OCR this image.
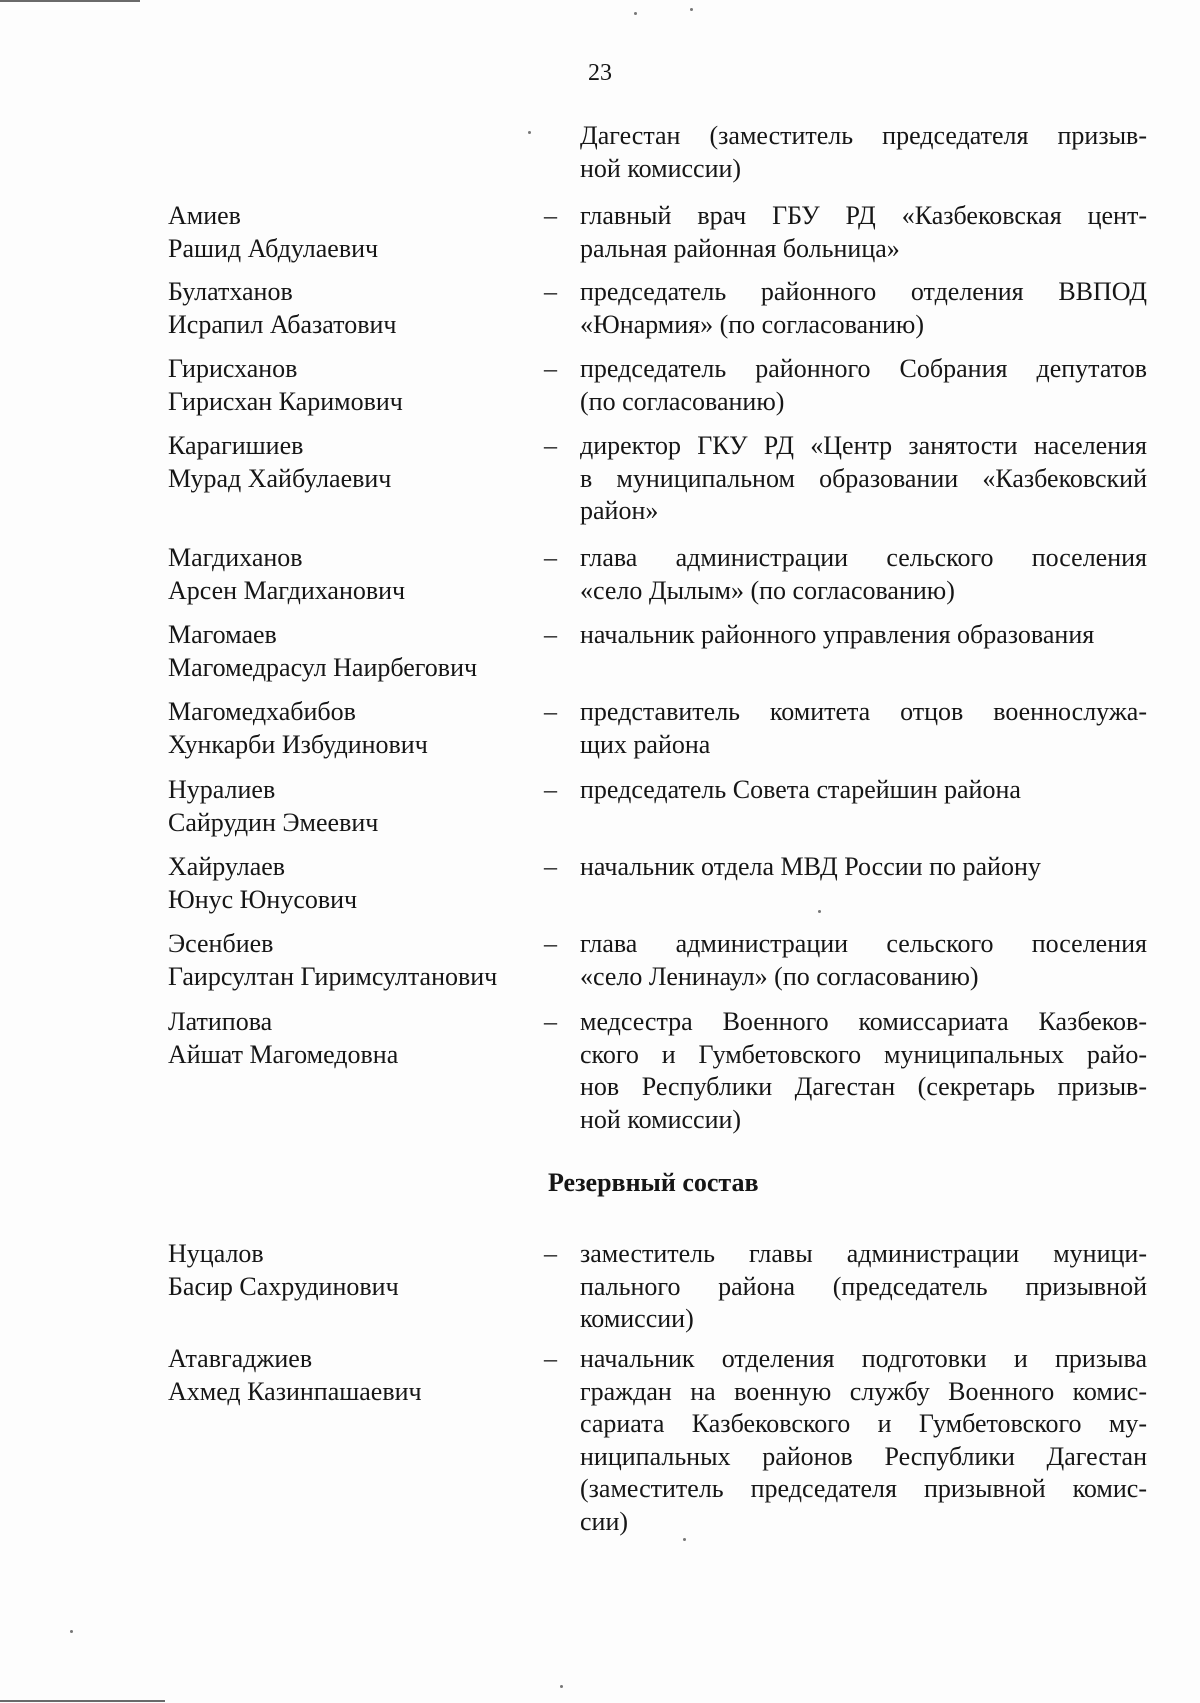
23
Дагестан (заместитель председателя призыв-
ной комиссии)
Амиев
Рашид Абдулаевич
– главный врач ГБУ РД «Казбековская цент-
ральная районная больница»
Булатханов
Исрапил Абазатович
– председатель районного отделения ВВПОД
«Юнармия» (по согласованию)
Гирисханов
Гирисхан Каримович
– председатель районного Собрания депутатов
(по согласованию)
Карагишиев
Мурад Хайбулаевич
– директор ГКУ РД «Центр занятости населения
в муниципальном образовании «Казбековский
район»
Магдиханов
Арсен Магдиханович
– глава администрации сельского поселения
«село Дылым» (по согласованию)
Магомаев
Магомедрасул Наирбегович
– начальник районного управления образования
Магомедхабибов
Хункарби Избудинович
– представитель комитета отцов военнослужа-
щих района
Нуралиев
Сайрудин Эмеевич
– председатель Совета старейшин района
Хайрулаев
Юнус Юнусович
– начальник отдела МВД России по району
Эсенбиев
Гаирсултан Гиримсултанович
– глава администрации сельского поселения
«село Ленинаул» (по согласованию)
Латипова
Айшат Магомедовна
– медсестра Военного комиссариата Казбеков-
ского и Гумбетовского муниципальных райо-
нов Республики Дагестан (секретарь призыв-
ной комиссии)
Резервный состав
Нуцалов
Басир Сахрудинович
– заместитель главы администрации муници-
пального района (председатель призывной
комиссии)
Атавгаджиев
Ахмед Казинпашаевич
– начальник отделения подготовки и призыва
граждан на военную службу Военного комис-
сариата Казбековского и Гумбетовского му-
ниципальных районов Республики Дагестан
(заместитель председателя призывной комис-
сии)
